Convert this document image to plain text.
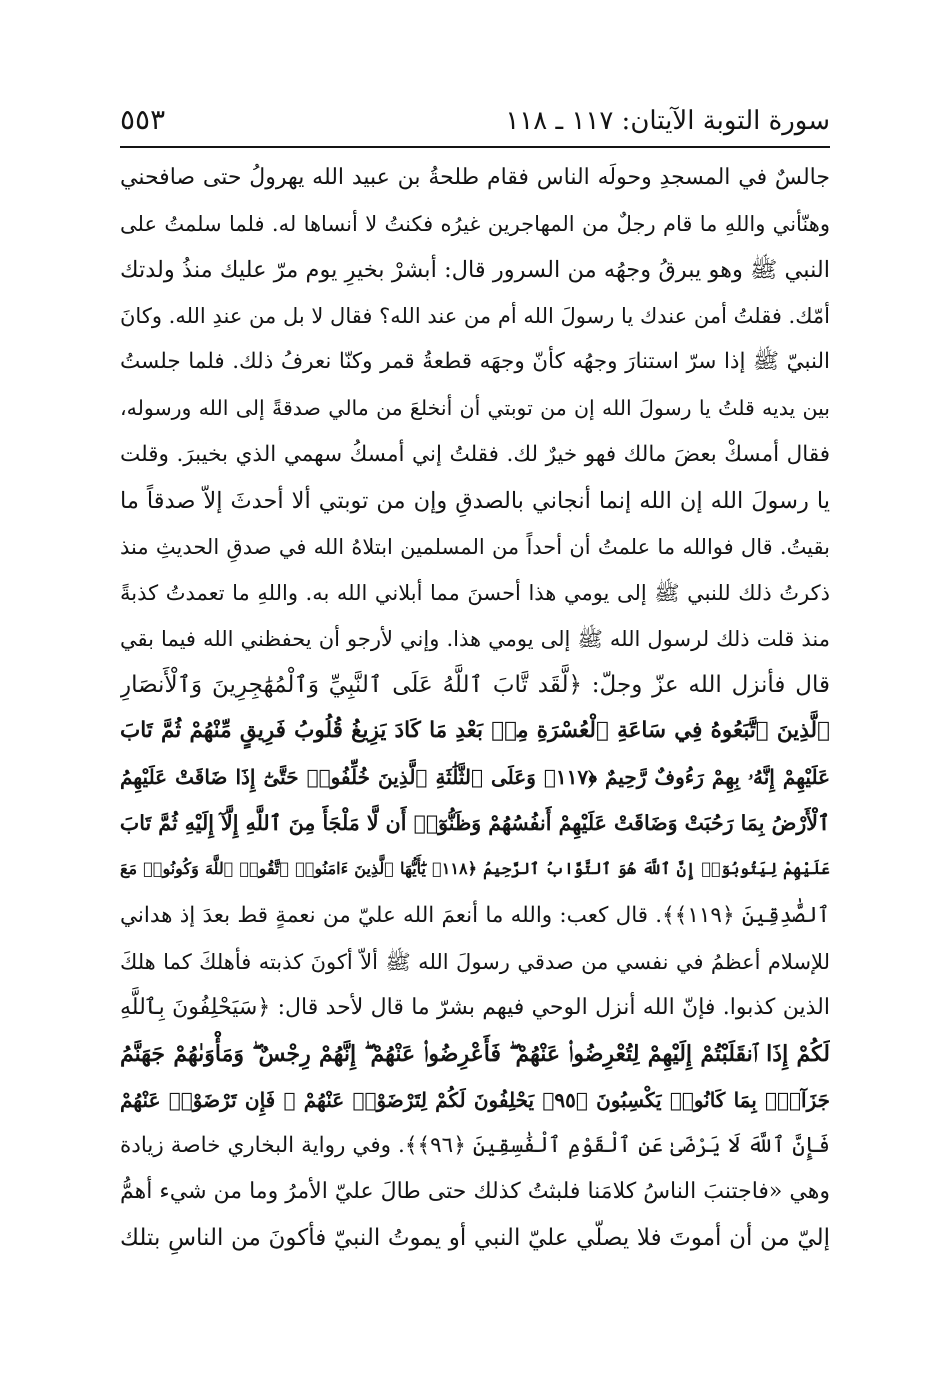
سورة التوبة الآيتان: ١١٧ ـ ١١٨
٥٥٣
جالسٌ في المسجدِ وحولَه الناس فقام طلحةُ بن عبيد الله يهرولُ حتى صافحني
وهنّأني واللهِ ما قام رجلٌ من المهاجرين غيرُه فكنتُ لا أنساها له. فلما سلمتُ على
النبي ﷺ وهو يبرقُ وجهُه من السرور قال: أبشرْ بخيرِ يوم مرّ عليك منذُ ولدتك
أمّك. فقلتُ أمن عندك يا رسولَ الله أم من عند الله؟ فقال لا بل من عندِ الله. وكانَ
النبيّ ﷺ إذا سرّ استنارَ وجهُه كأنّ وجهَه قطعةُ قمر وكنّا نعرفُ ذلك. فلما جلستُ
بين يديه قلتُ يا رسولَ الله إن من توبتي أن أنخلعَ من مالي صدقةً إلى الله ورسوله،
فقال أمسكْ بعضَ مالك فهو خيرٌ لك. فقلتُ إني أمسكُ سهمي الذي بخيبرَ. وقلت
يا رسولَ الله إن الله إنما أنجاني بالصدقِ وإن من توبتي ألا أحدثَ إلاّ صدقاً ما
بقيتُ. قال فوالله ما علمتُ أن أحداً من المسلمين ابتلاهُ الله في صدقِ الحديثِ منذ
ذكرتُ ذلك للنبي ﷺ إلى يومي هذا أحسنَ مما أبلاني الله به. واللهِ ما تعمدتُ كذبةً
منذ قلت ذلك لرسول الله ﷺ إلى يومي هذا. وإني لأرجو أن يحفظني الله فيما بقي
قال فأنزل الله عزّ وجلّ: ﴿لَّقَد تَّابَ ٱللَّهُ عَلَى ٱلنَّبِيِّ وَٱلْمُهَٰجِرِينَ وَٱلْأَنصَارِ
ٱلَّذِينَ ٱتَّبَعُوهُ فِي سَاعَةِ ٱلْعُسْرَةِ مِنۢ بَعْدِ مَا كَادَ يَزِيغُ قُلُوبُ فَرِيقٍ مِّنْهُمْ ثُمَّ تَابَ
عَلَيْهِمْ إِنَّهُۥ بِهِمْ رَءُوفٌ رَّحِيمٌ ﴿١١٧﴾ وَعَلَى ٱلثَّلَٰثَةِ ٱلَّذِينَ خُلِّفُوا۟ حَتَّىٰٓ إِذَا ضَاقَتْ عَلَيْهِمُ
ٱلْأَرْضُ بِمَا رَحُبَتْ وَضَاقَتْ عَلَيْهِمْ أَنفُسُهُمْ وَظَنُّوٓا۟ أَن لَّا مَلْجَأَ مِنَ ٱللَّهِ إِلَّآ إِلَيْهِ ثُمَّ تَابَ
عَلَيْهِمْ لِيَتُوبُوٓا۟ إِنَّ ٱللَّهَ هُوَ ٱلتَّوَّابُ ٱلرَّحِيمُ ﴿١١٨﴾ يَٰٓأَيُّهَا ٱلَّذِينَ ءَامَنُوا۟ ٱتَّقُوا۟ ٱللَّهَ وَكُونُوا۟ مَعَ
ٱلصَّٰدِقِينَ ﴿١١٩﴾﴾. قال كعب: والله ما أنعمَ الله عليّ من نعمةٍ قط بعدَ إذ هداني
للإسلام أعظمُ في نفسي من صدقي رسولَ الله ﷺ ألاّ أكونَ كذبته فأهلكَ كما هلكَ
الذين كذبوا. فإنّ الله أنزل الوحي فيهم بشرّ ما قال لأحد قال: ﴿سَيَحْلِفُونَ بِٱللَّهِ
لَكُمْ إِذَا ٱنقَلَبْتُمْ إِلَيْهِمْ لِتُعْرِضُوا۟ عَنْهُمْ ۖ فَأَعْرِضُوا۟ عَنْهُمْ ۖ إِنَّهُمْ رِجْسٌ ۖ وَمَأْوَىٰهُمْ جَهَنَّمُ
جَزَآءًۢ بِمَا كَانُوا۟ يَكْسِبُونَ ﴿٩٥﴾ يَحْلِفُونَ لَكُمْ لِتَرْضَوْا۟ عَنْهُمْ ۖ فَإِن تَرْضَوْا۟ عَنْهُمْ
فَإِنَّ ٱللَّهَ لَا يَرْضَىٰ عَنِ ٱلْقَوْمِ ٱلْفَٰسِقِينَ ﴿٩٦﴾﴾. وفي رواية البخاري خاصة زيادة
وهي «فاجتنبَ الناسُ كلامَنا فلبثتُ كذلك حتى طالَ عليّ الأمرُ وما من شيء أهمُّ
إليّ من أن أموتَ فلا يصلّي عليّ النبي أو يموتُ النبيّ فأكونَ من الناسِ بتلك
